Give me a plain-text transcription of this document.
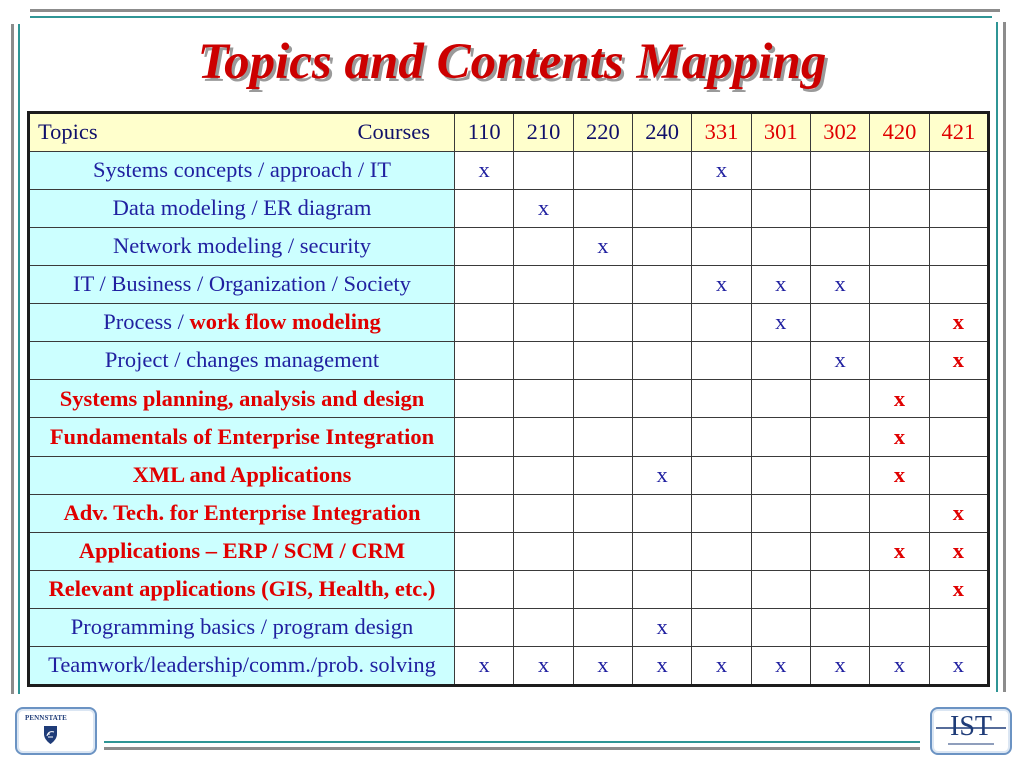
Topics and Contents Mapping
Topics Courses	110	210	220	240	331	301	302	420	421
Systems concepts / approach / IT	x				x				
Data modeling / ER diagram		x							
Network modeling / security			x						
IT / Business / Organization / Society					x	x	x		
Process / work flow modeling						x			x
Project / changes management							x		x
Systems planning, analysis and design								x	
Fundamentals of Enterprise Integration								x	
XML and Applications				x				x	
Adv. Tech. for Enterprise Integration									x
Applications – ERP / SCM / CRM								x	x
Relevant applications (GIS, Health, etc.)									x
Programming basics / program design				x					
Teamwork/leadership/comm./prob. solving	x	x	x	x	x	x	x	x	x
PENNSTATE	IST
